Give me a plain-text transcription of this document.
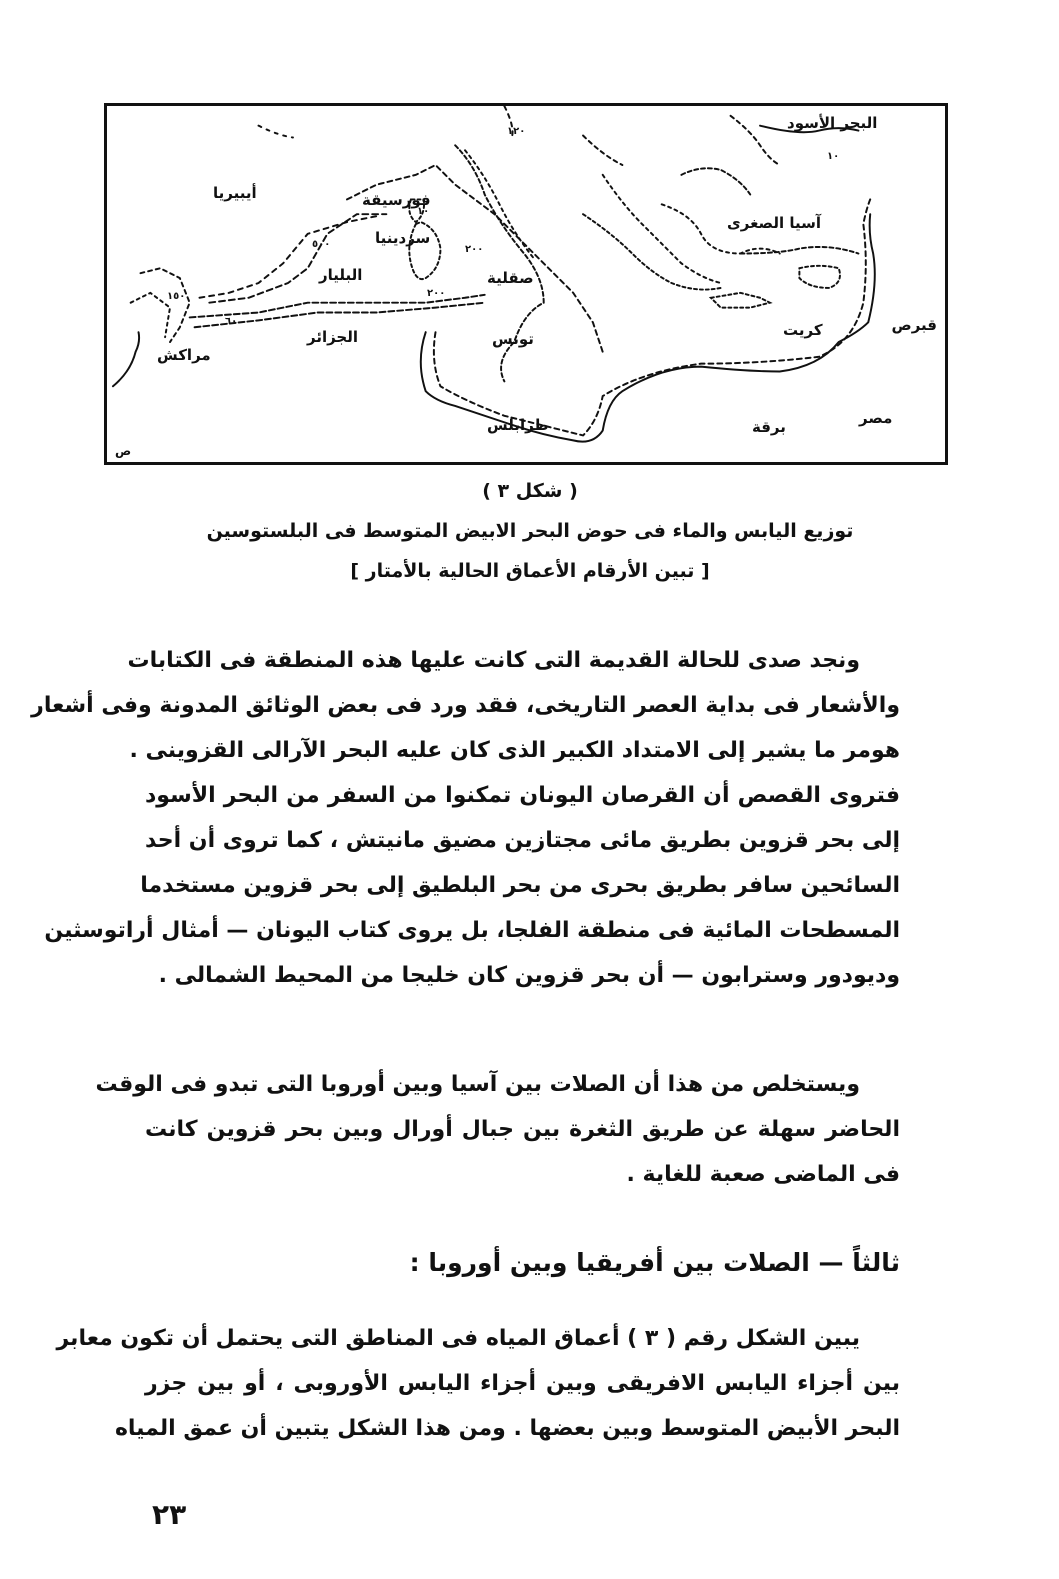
البحر الأسود
آسيا الصغرى
فورسيقة
سردينيا
البليار
أيبيريا
الجزائر
مراكش
صقلية
تونس
طرابلس	برقة	مصر
كريت	قبرص
ص
١٠
٥٠٠	٢٠٠
٢٠٠
١٥٠
٦٠
١٢٠
١٠
( شكل ٣ )
توزيع اليابس والماء فى حوض البحر الابيض المتوسط فى البلستوسين
[ تبين الأرقام الأعماق الحالية بالأمتار ]
ونجد صدى للحالة القديمة التى كانت عليها هذه المنطقة فى الكتابات
والأشعار فى بداية العصر التاريخى، فقد ورد فى بعض الوثائق المدونة وفى أشعار
هومر ما يشير إلى الامتداد الكبير الذى كان عليه البحر الآرالى القزوينى .
فتروى القصص أن القرصان اليونان تمكنوا من السفر من البحر الأسود
إلى بحر قزوين بطريق مائى مجتازين مضيق مانيتش ، كما تروى أن أحد
السائحين سافر بطريق بحرى من بحر البلطيق إلى بحر قزوين مستخدما
المسطحات المائية فى منطقة الفلجا، بل يروى كتاب اليونان — أمثال أراتوسثين
وديودور وسترابون — أن بحر قزوين كان خليجا من المحيط الشمالى .
ويستخلص من هذا أن الصلات بين آسيا وبين أوروبا التى تبدو فى الوقت
الحاضر سهلة عن طريق الثغرة بين جبال أورال وبين بحر قزوين كانت
فى الماضى صعبة للغاية .
ثالثاً — الصلات بين أفريقيا وبين أوروبا :
يبين الشكل رقم ( ٣ ) أعماق المياه فى المناطق التى يحتمل أن تكون معابر
بين أجزاء اليابس الافريقى وبين أجزاء اليابس الأوروبى ، أو بين جزر
البحر الأبيض المتوسط وبين بعضها . ومن هذا الشكل يتبين أن عمق المياه
٢٣
